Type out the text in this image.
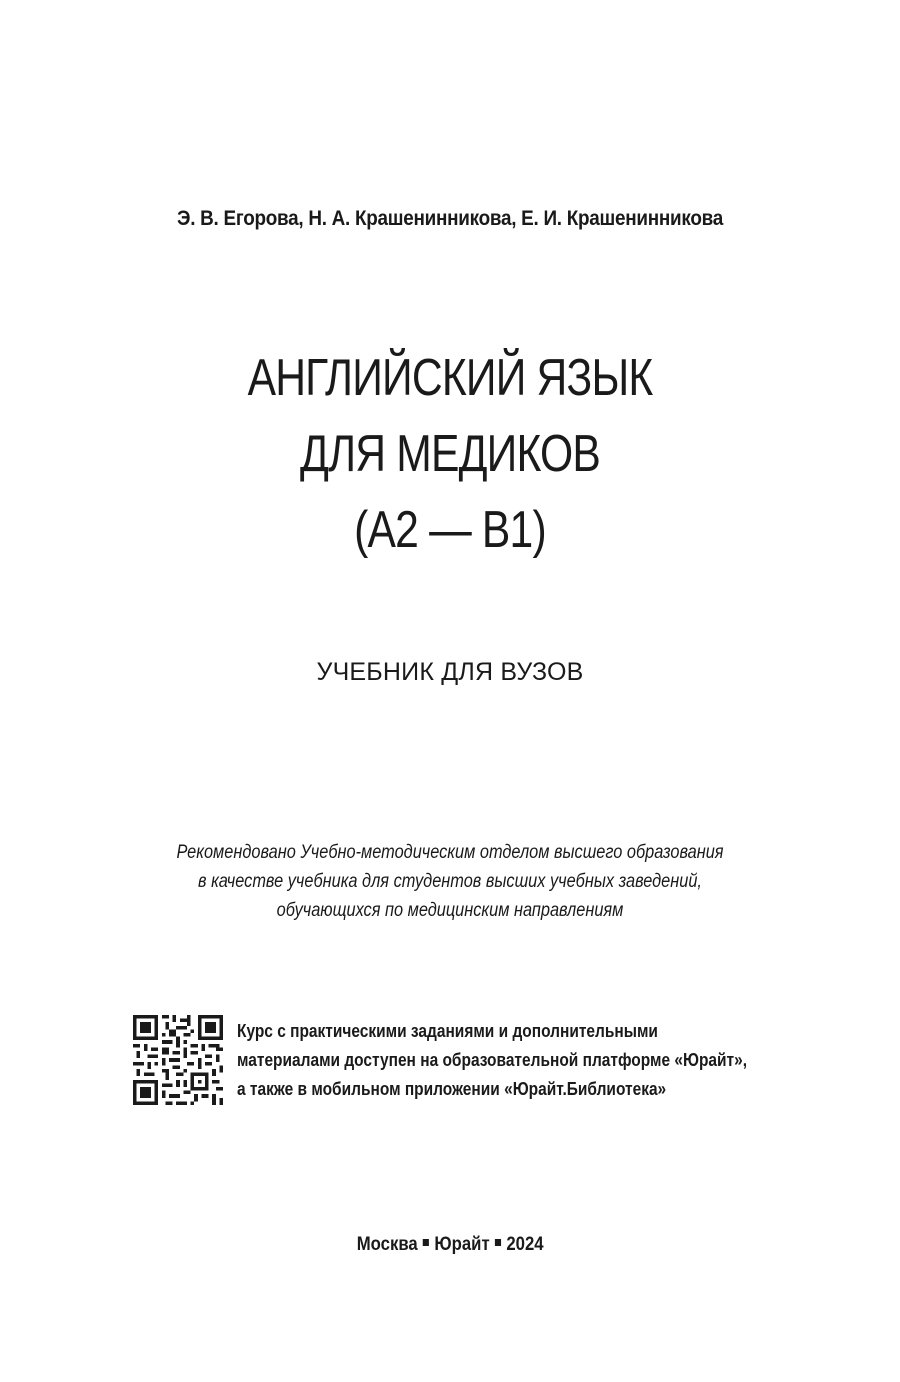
Э. В. Егорова, Н. А. Крашенинникова, Е. И. Крашенинникова
АНГЛИЙСКИЙ ЯЗЫК
ДЛЯ МЕДИКОВ
(А2 — В1)
УЧЕБНИК ДЛЯ ВУЗОВ
Рекомендовано Учебно-методическим отделом высшего образования
в качестве учебника для студентов высших учебных заведений,
обучающихся по медицинским направлениям
Курс с практическими заданиями и дополнительными
материалами доступен на образовательной платформе «Юрайт»,
а также в мобильном приложении «Юрайт.Библиотека»
Москва Юрайт 2024
